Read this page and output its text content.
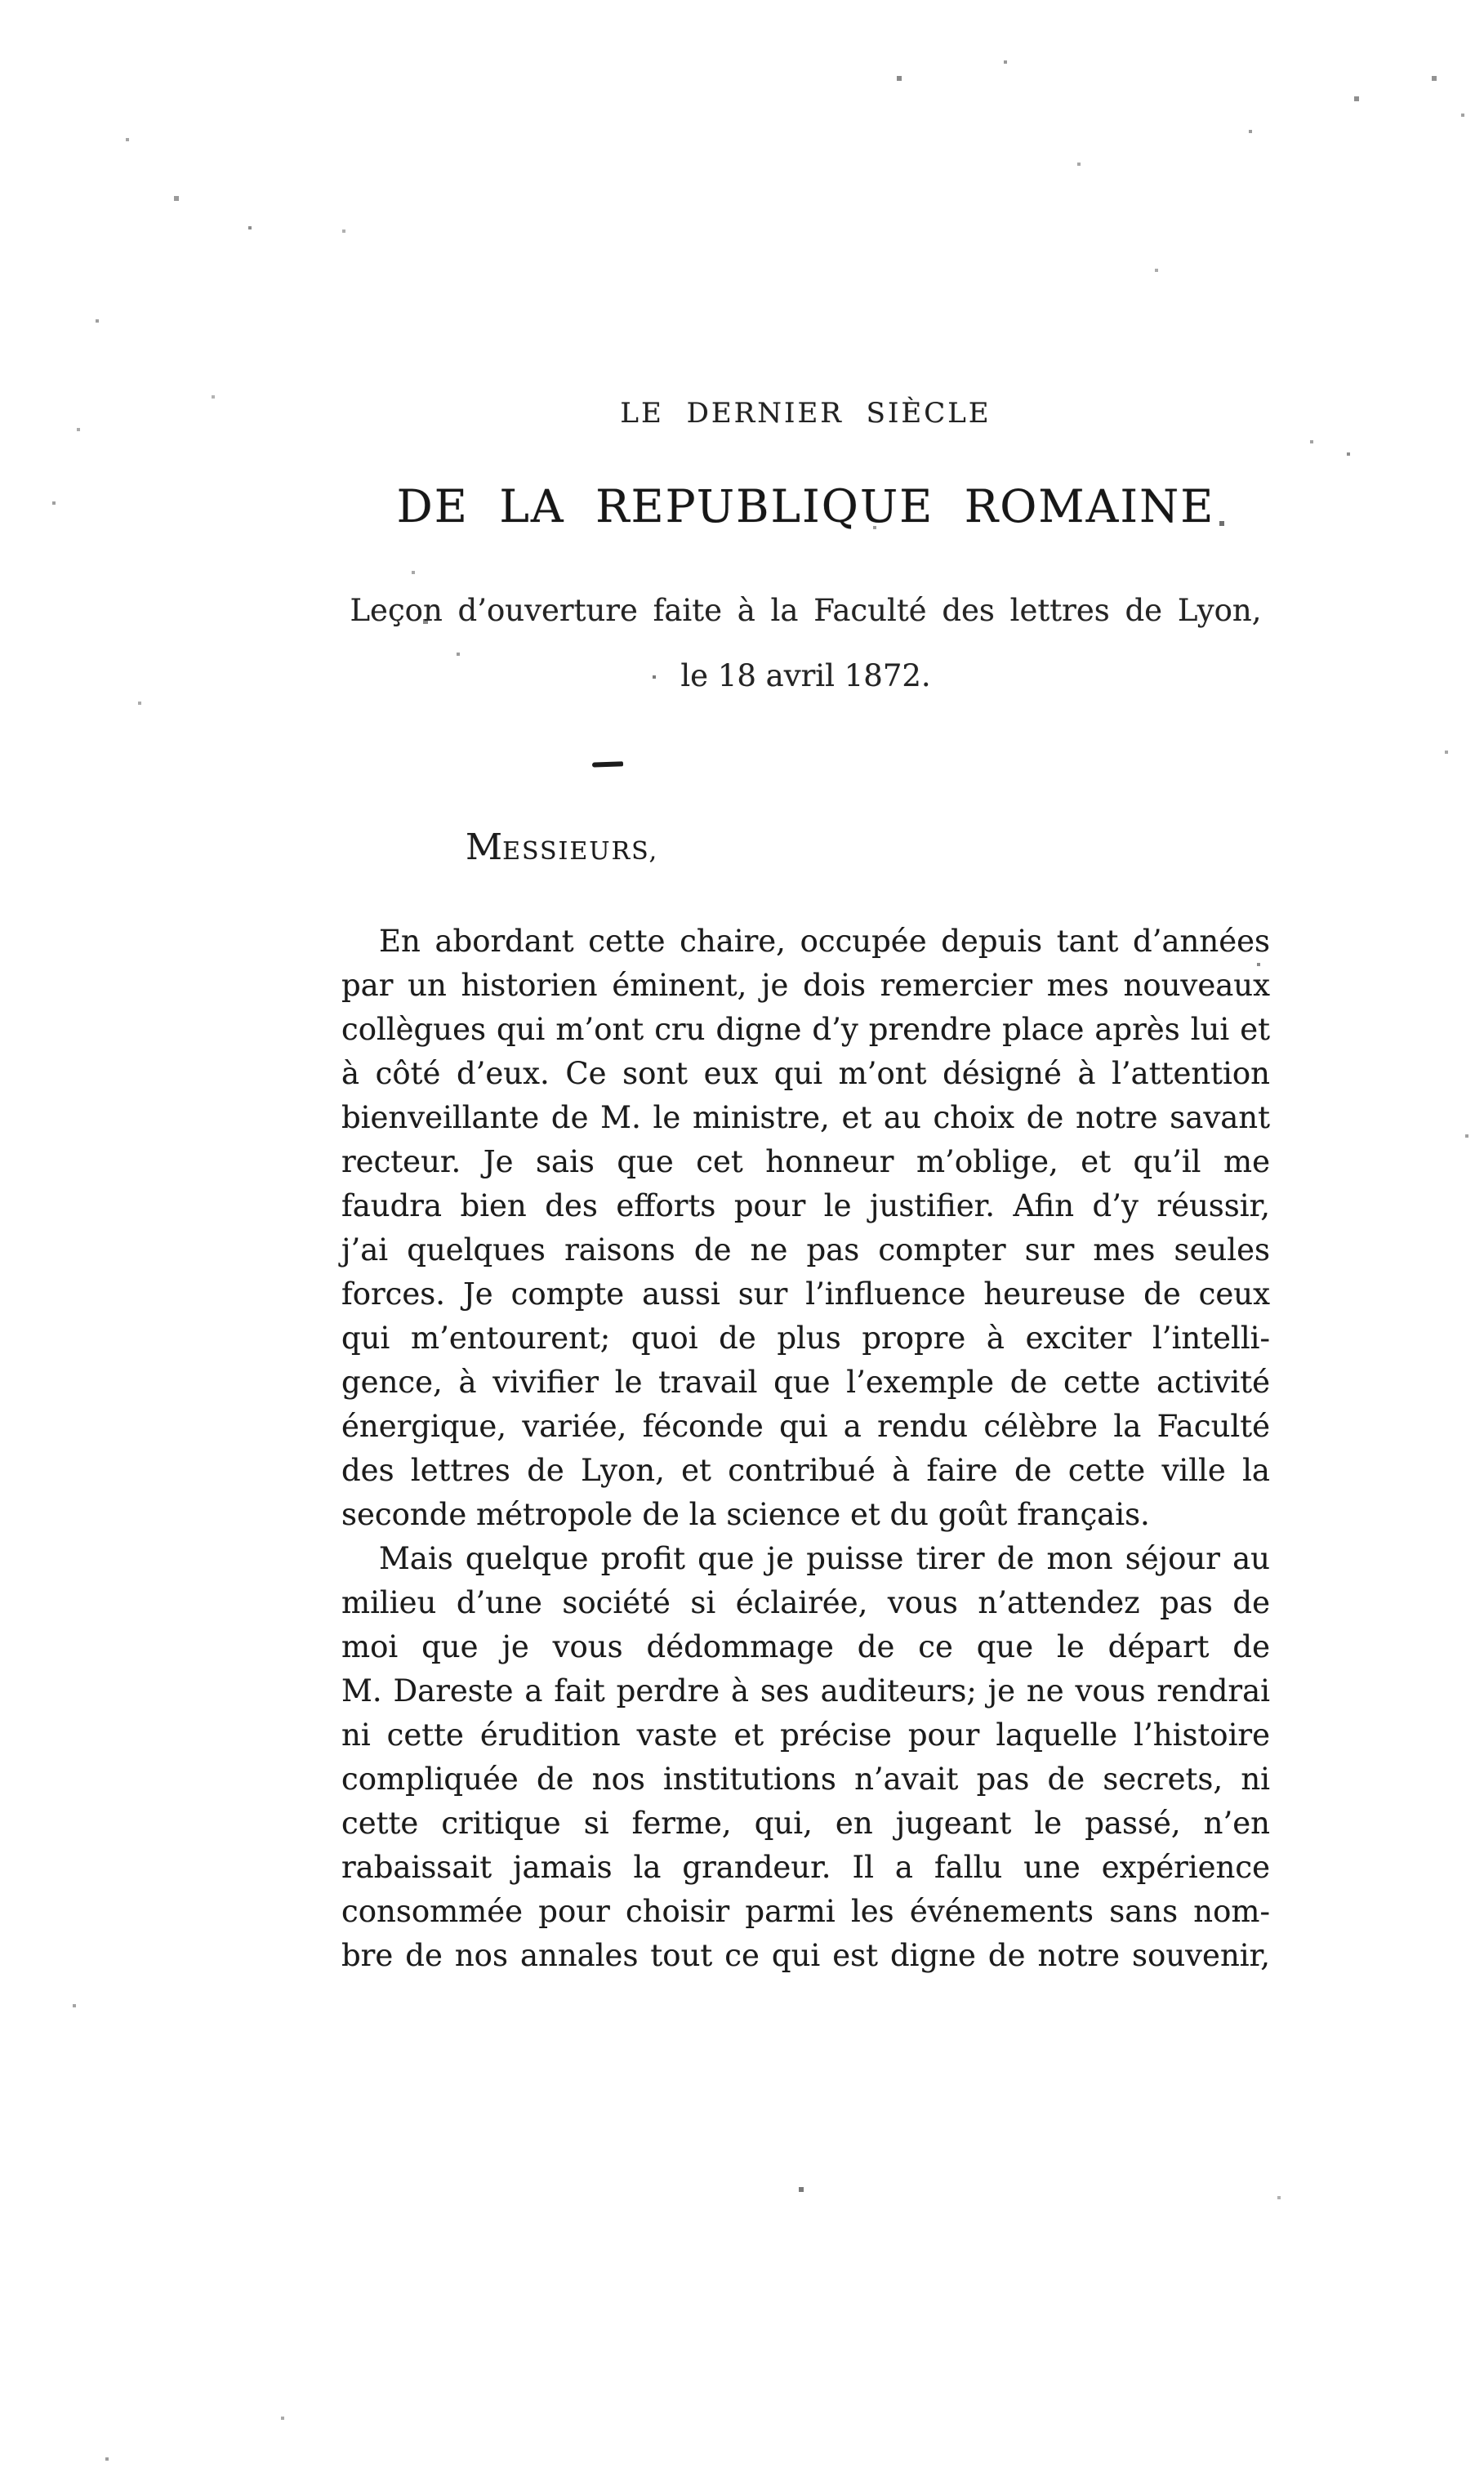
LE DERNIER SIÈCLE
DE LA REPUBLIQUE ROMAINE
Leçon d’ouverture faite à la Faculté des lettres de Lyon,
le 18 avril 1872.
MESSIEURS,
En abordant cette chaire, occupée depuis tant d’années
par un historien éminent, je dois remercier mes nouveaux
collègues qui m’ont cru digne d’y prendre place après lui et
à côté d’eux. Ce sont eux qui m’ont désigné à l’attention
bienveillante de M. le ministre, et au choix de notre savant
recteur. Je sais que cet honneur m’oblige, et qu’il me
faudra bien des efforts pour le justifier. Afin d’y réussir,
j’ai quelques raisons de ne pas compter sur mes seules
forces. Je compte aussi sur l’influence heureuse de ceux
qui m’entourent; quoi de plus propre à exciter l’intelli-
gence, à vivifier le travail que l’exemple de cette activité
énergique, variée, féconde qui a rendu célèbre la Faculté
des lettres de Lyon, et contribué à faire de cette ville la
seconde métropole de la science et du goût français.
Mais quelque profit que je puisse tirer de mon séjour au
milieu d’une société si éclairée, vous n’attendez pas de
moi que je vous dédommage de ce que le départ de
M. Dareste a fait perdre à ses auditeurs; je ne vous rendrai
ni cette érudition vaste et précise pour laquelle l’histoire
compliquée de nos institutions n’avait pas de secrets, ni
cette critique si ferme, qui, en jugeant le passé, n’en
rabaissait jamais la grandeur. Il a fallu une expérience
consommée pour choisir parmi les événements sans nom-
bre de nos annales tout ce qui est digne de notre souvenir,
